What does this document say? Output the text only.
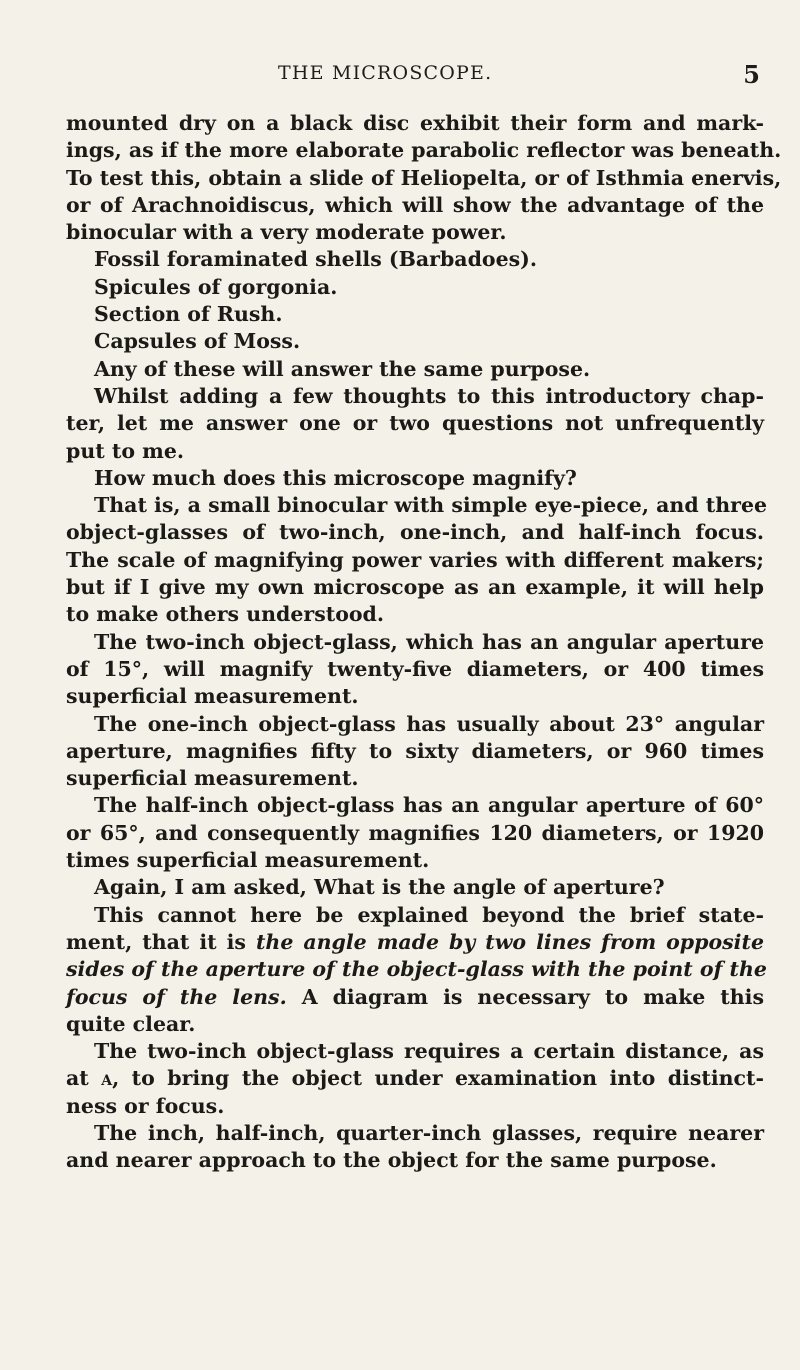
THE MICROSCOPE.	5
mounted dry on a black disc exhibit their form and mark-
ings, as if the more elaborate parabolic reflector was beneath.
To test this, obtain a slide of Heliopelta, or of Isthmia enervis,
or of Arachnoidiscus, which will show the advantage of the
binocular with a very moderate power.
Fossil foraminated shells (Barbadoes).
Spicules of gorgonia.
Section of Rush.
Capsules of Moss.
Any of these will answer the same purpose.
Whilst adding a few thoughts to this introductory chap-
ter, let me answer one or two questions not unfrequently
put to me.
How much does this microscope magnify?
That is, a small binocular with simple eye-piece, and three
object-glasses of two-inch, one-inch, and half-inch focus.
The scale of magnifying power varies with different makers;
but if I give my own microscope as an example, it will help
to make others understood.
The two-inch object-glass, which has an angular aperture
of 15°, will magnify twenty-five diameters, or 400 times
superficial measurement.
The one-inch object-glass has usually about 23° angular
aperture, magnifies fifty to sixty diameters, or 960 times
superficial measurement.
The half-inch object-glass has an angular aperture of 60°
or 65°, and consequently magnifies 120 diameters, or 1920
times superficial measurement.
Again, I am asked, What is the angle of aperture?
This cannot here be explained beyond the brief state-
ment, that it is the angle made by two lines from opposite
sides of the aperture of the object-glass with the point of the
focus of the lens. A diagram is necessary to make this
quite clear.
The two-inch object-glass requires a certain distance, as
at a, to bring the object under examination into distinct-
ness or focus.
The inch, half-inch, quarter-inch glasses, require nearer
and nearer approach to the object for the same purpose.
